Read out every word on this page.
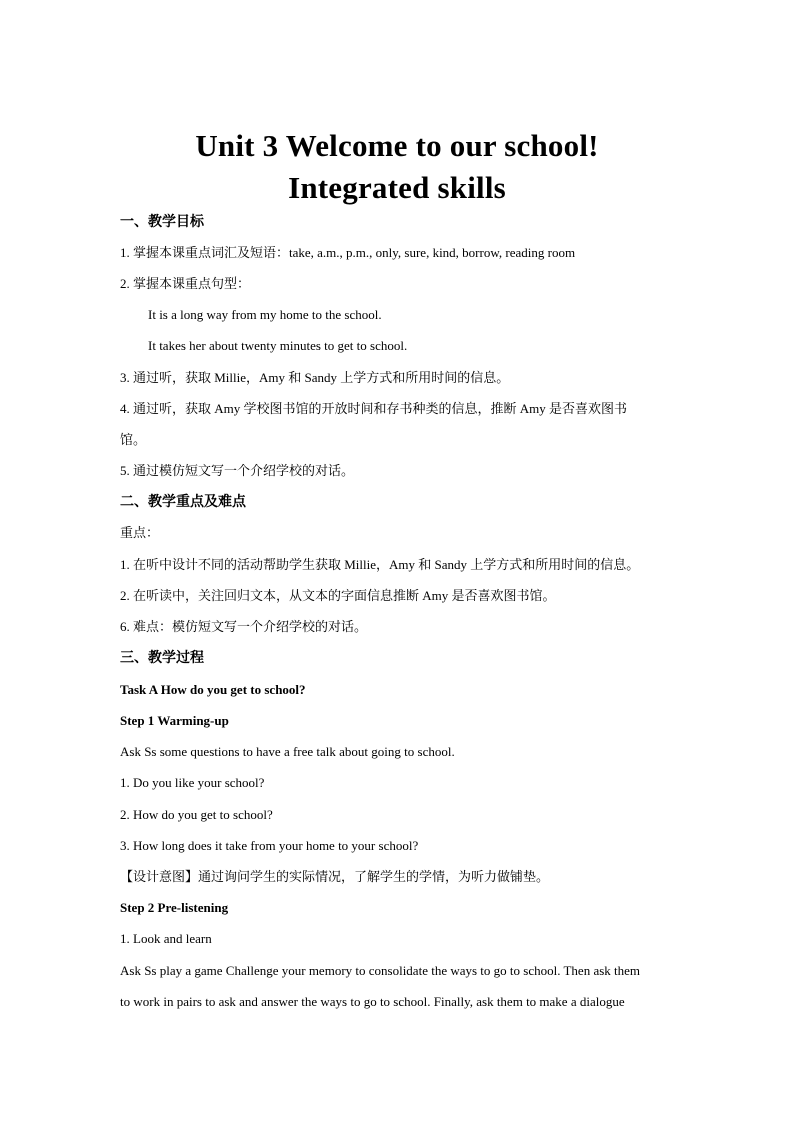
Unit 3 Welcome to our school!
Integrated skills
一、教学目标
1. 掌握本课重点词汇及短语：take, a.m., p.m., only, sure, kind, borrow, reading room
2. 掌握本课重点句型：
It is a long way from my home to the school.
It takes her about twenty minutes to get to school.
3. 通过听，获取 Millie，Amy 和 Sandy 上学方式和所用时间的信息。
4. 通过听，获取 Amy 学校图书馆的开放时间和存书种类的信息，推断 Amy 是否喜欢图书
馆。
5. 通过模仿短文写一个介绍学校的对话。
二、教学重点及难点
重点：
1. 在听中设计不同的活动帮助学生获取 Millie，Amy 和 Sandy 上学方式和所用时间的信息。
2. 在听读中，关注回归文本，从文本的字面信息推断 Amy 是否喜欢图书馆。
6. 难点：模仿短文写一个介绍学校的对话。
三、教学过程
Task A How do you get to school?
Step 1 Warming-up
Ask Ss some questions to have a free talk about going to school.
1. Do you like your school?
2. How do you get to school?
3. How long does it take from your home to your school?
【设计意图】通过询问学生的实际情况，了解学生的学情，为听力做铺垫。
Step 2 Pre-listening
1. Look and learn
Ask Ss play a game Challenge your memory to consolidate the ways to go to school. Then ask them
to work in pairs to ask and answer the ways to go to school. Finally, ask them to make a dialogue
